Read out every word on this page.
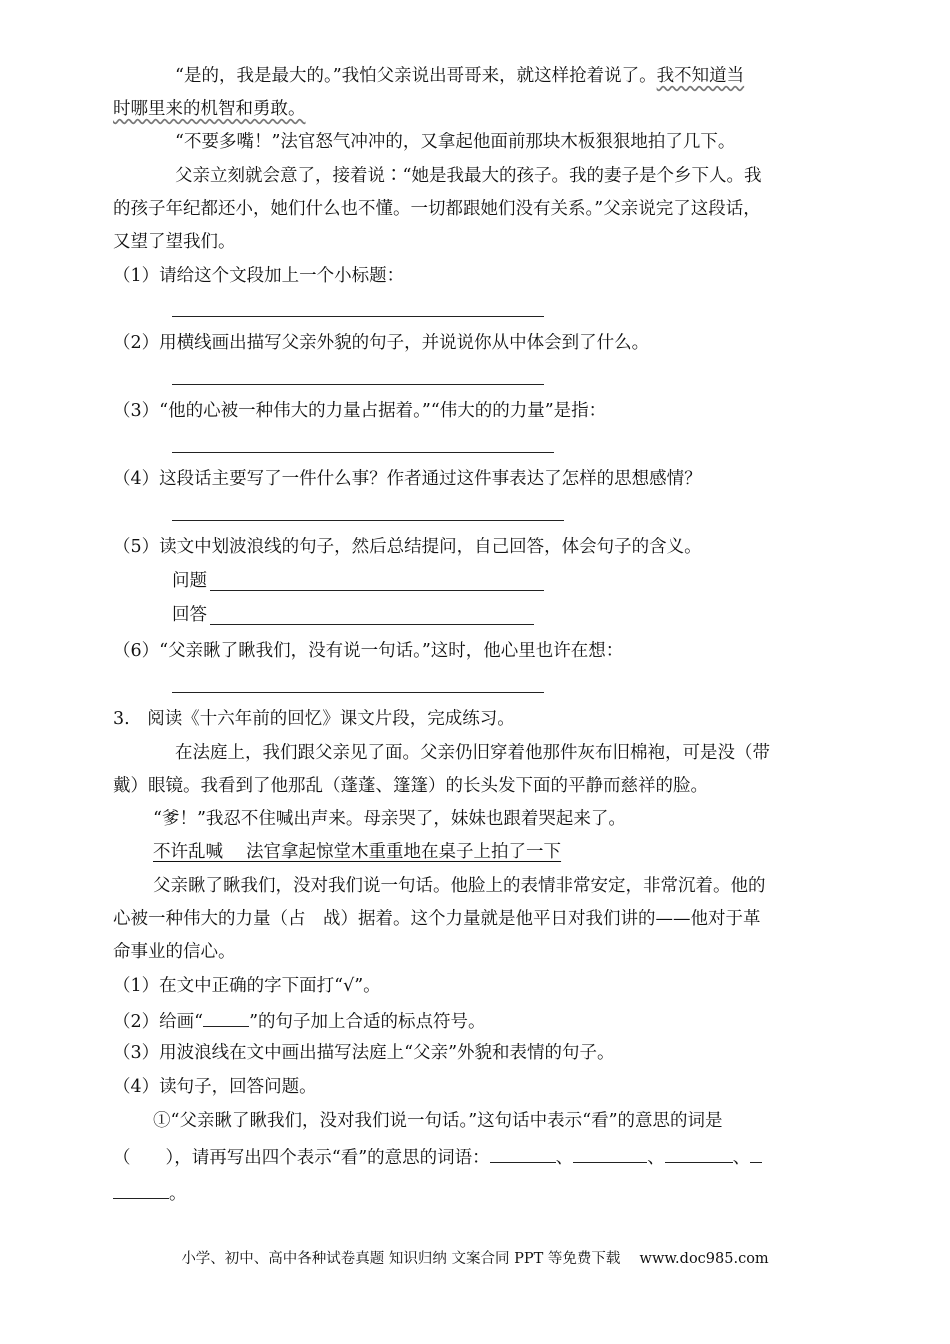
“是的，我是最大的。”我怕父亲说出哥哥来，就这样抢着说了。我不知道当
时哪里来的机智和勇敢。
“不要多嘴！”法官怒气冲冲的，又拿起他面前那块木板狠狠地拍了几下。
父亲立刻就会意了，接着说∶“她是我最大的孩子。我的妻子是个乡下人。我
的孩子年纪都还小，她们什么也不懂。一切都跟她们没有关系。”父亲说完了这段话，
又望了望我们。
（1）请给这个文段加上一个小标题：
（2）用横线画出描写父亲外貌的句子，并说说你从中体会到了什么。
（3）“他的心被一种伟大的力量占据着。”“伟大的的力量”是指：
（4）这段话主要写了一件什么事？作者通过这件事表达了怎样的思想感情？
（5）读文中划波浪线的句子，然后总结提问，自己回答，体会句子的含义。
问题
回答
（6）“父亲瞅了瞅我们，没有说一句话。”这时，他心里也许在想：
3.　阅读《十六年前的回忆》课文片段，完成练习。
在法庭上，我们跟父亲见了面。父亲仍旧穿着他那件灰布旧棉袍，可是没（带
戴）眼镜。我看到了他那乱（蓬蓬、篷篷）的长头发下面的平静而慈祥的脸。
“爹！”我忍不住喊出声来。母亲哭了，妹妹也跟着哭起来了。
不许乱喊　 法官拿起惊堂木重重地在桌子上拍了一下
父亲瞅了瞅我们，没对我们说一句话。他脸上的表情非常安定，非常沉着。他的
心被一种伟大的力量（占　战）据着。这个力量就是他平日对我们讲的——他对于革
命事业的信心。
（1）在文中正确的字下面打“√”。
（2）给画“	”的句子加上合适的标点符号。
（3）用波浪线在文中画出描写法庭上“父亲”外貌和表情的句子。
（4）读句子，回答问题。
①“父亲瞅了瞅我们，没对我们说一句话。”这句话中表示“看”的意思的词是
（　　），请再写出四个表示“看”的意思的词语：	、	、	、
。
小学、初中、高中各种试卷真题 知识归纳 文案合同 PPT 等免费下载　 www.doc985.com
